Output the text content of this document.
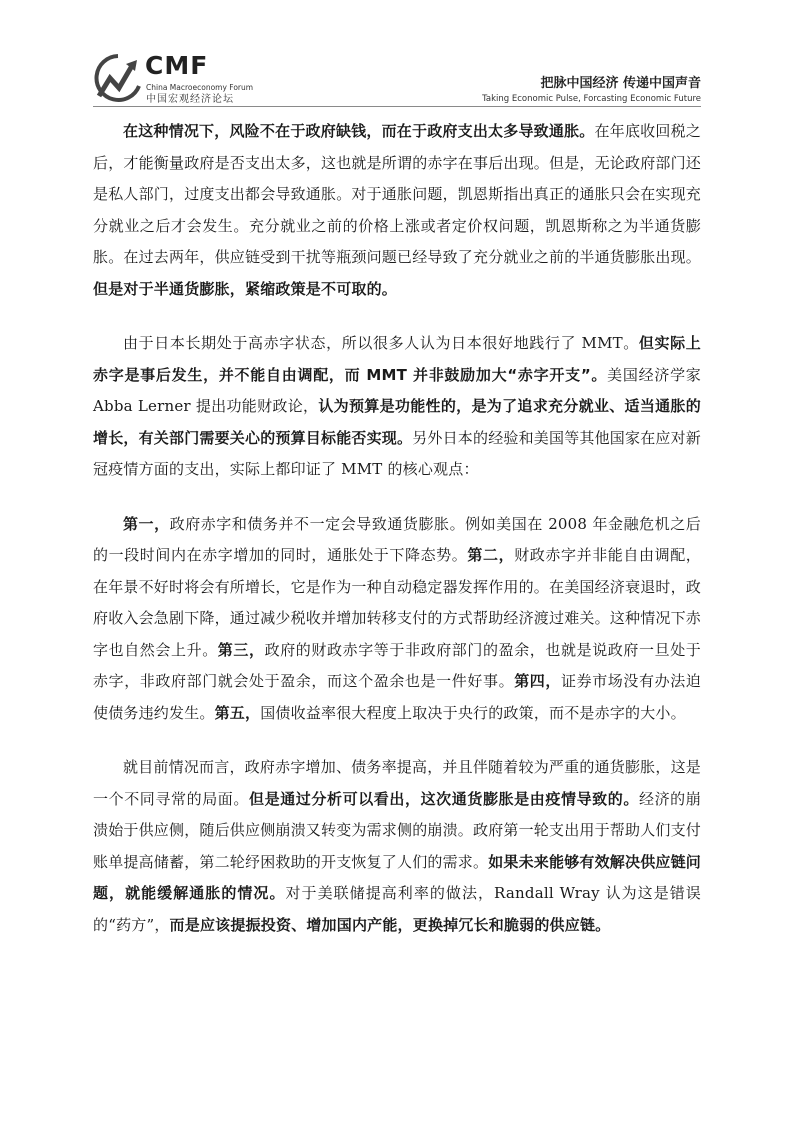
CMF
China Macroeconomy Forum
中国宏观经济论坛
把脉中国经济 传递中国声音
Taking Economic Pulse, Forcasting Economic Future

在这种情况下，风险不在于政府缺钱，而在于政府支出太多导致通胀。在年底收回税之后，才能衡量政府是否支出太多，这也就是所谓的赤字在事后出现。但是，无论政府部门还是私人部门，过度支出都会导致通胀。对于通胀问题，凯恩斯指出真正的通胀只会在实现充分就业之后才会发生。充分就业之前的价格上涨或者定价权问题，凯恩斯称之为半通货膨胀。在过去两年，供应链受到干扰等瓶颈问题已经导致了充分就业之前的半通货膨胀出现。但是对于半通货膨胀，紧缩政策是不可取的。

由于日本长期处于高赤字状态，所以很多人认为日本很好地践行了 MMT。但实际上赤字是事后发生，并不能自由调配，而 MMT 并非鼓励加大“赤字开支”。美国经济学家 Abba Lerner 提出功能财政论，认为预算是功能性的，是为了追求充分就业、适当通胀的增长，有关部门需要关心的预算目标能否实现。另外日本的经验和美国等其他国家在应对新冠疫情方面的支出，实际上都印证了 MMT 的核心观点：

第一，政府赤字和债务并不一定会导致通货膨胀。例如美国在 2008 年金融危机之后的一段时间内在赤字增加的同时，通胀处于下降态势。第二，财政赤字并非能自由调配，在年景不好时将会有所增长，它是作为一种自动稳定器发挥作用的。在美国经济衰退时，政府收入会急剧下降，通过减少税收并增加转移支付的方式帮助经济渡过难关。这种情况下赤字也自然会上升。第三，政府的财政赤字等于非政府部门的盈余，也就是说政府一旦处于赤字，非政府部门就会处于盈余，而这个盈余也是一件好事。第四，证券市场没有办法迫使债务违约发生。第五，国债收益率很大程度上取决于央行的政策，而不是赤字的大小。

就目前情况而言，政府赤字增加、债务率提高，并且伴随着较为严重的通货膨胀，这是一个不同寻常的局面。但是通过分析可以看出，这次通货膨胀是由疫情导致的。经济的崩溃始于供应侧，随后供应侧崩溃又转变为需求侧的崩溃。政府第一轮支出用于帮助人们支付账单提高储蓄，第二轮纾困救助的开支恢复了人们的需求。如果未来能够有效解决供应链问题，就能缓解通胀的情况。对于美联储提高利率的做法，Randall Wray 认为这是错误的“药方”，而是应该提振投资、增加国内产能，更换掉冗长和脆弱的供应链。
